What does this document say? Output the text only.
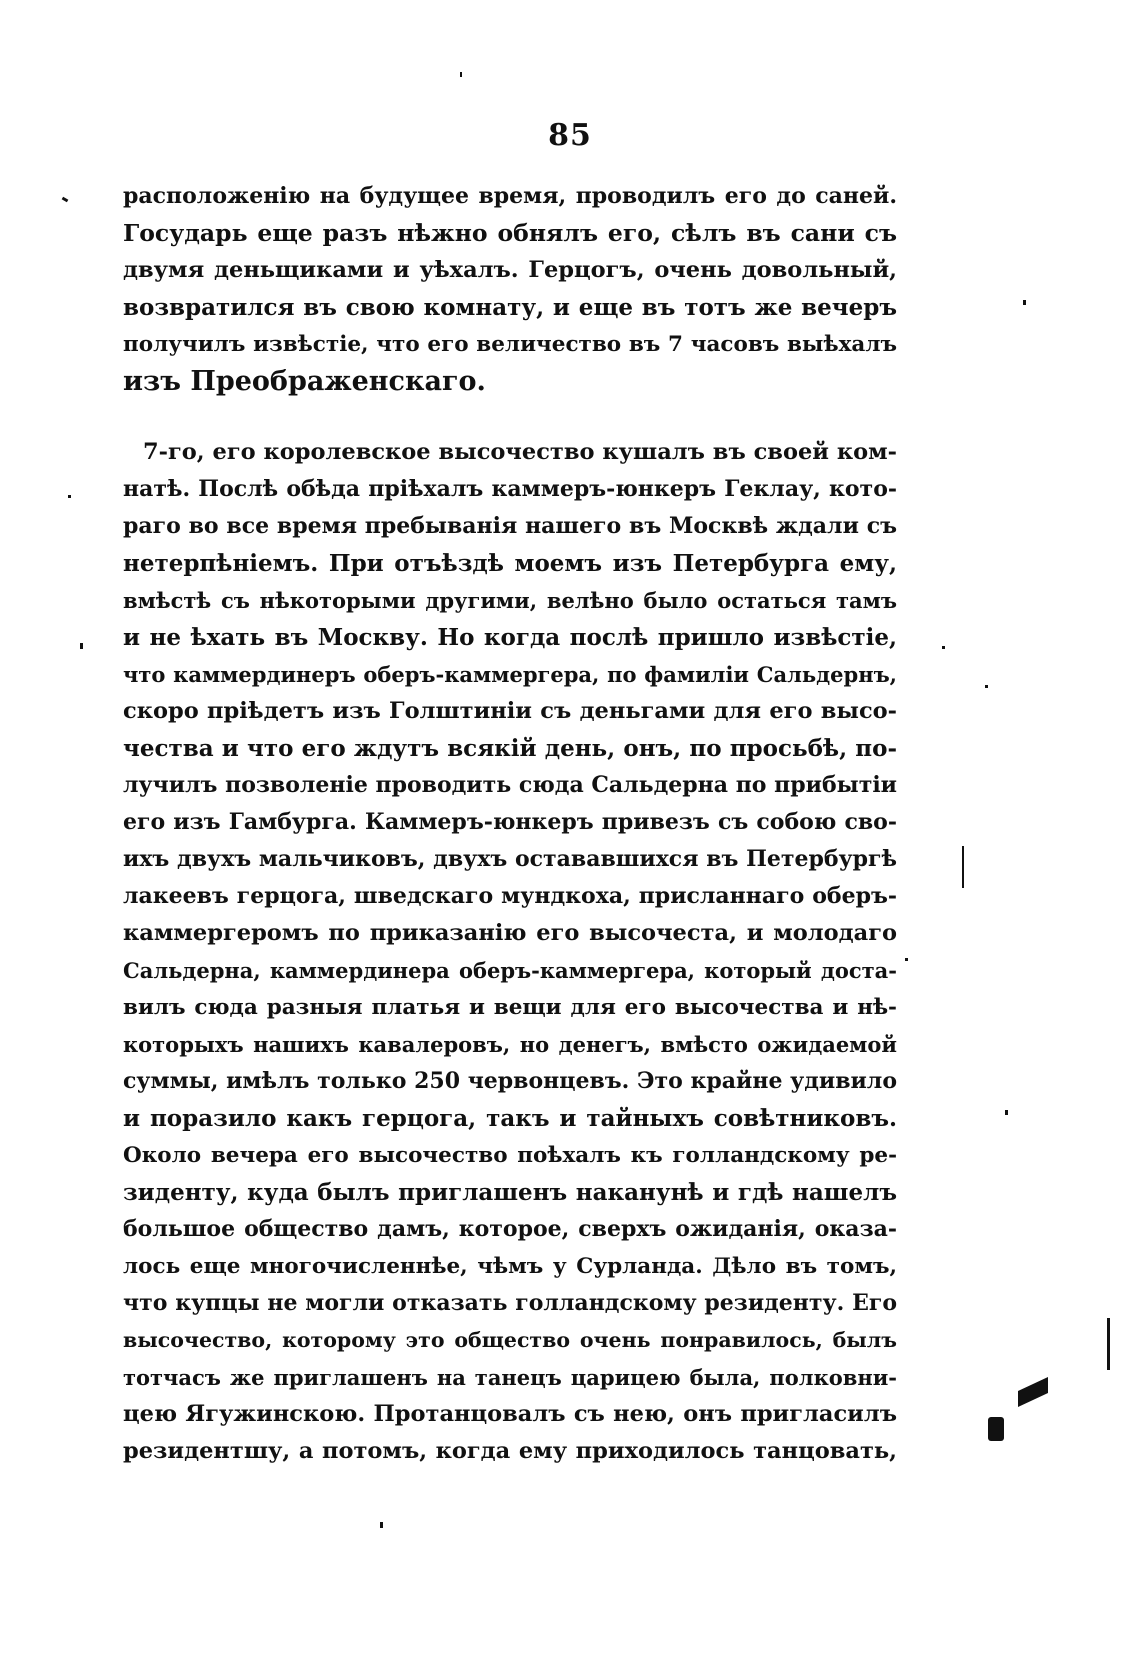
85
расположенію на будущее время, проводилъ его до саней.
Государь еще разъ нѣжно обнялъ его, сѣлъ въ сани съ
двумя деньщиками и уѣхалъ. Герцогъ, очень довольный,
возвратился въ свою комнату, и еще въ тотъ же вечеръ
получилъ извѣстіе, что его величество въ 7 часовъ выѣхалъ
изъ Преображенскаго.
7-го, его королевское высочество кушалъ въ своей ком-
натѣ. Послѣ обѣда пріѣхалъ каммеръ-юнкеръ Геклау, кото-
раго во все время пребыванія нашего въ Москвѣ ждали съ
нетерпѣніемъ. При отъѣздѣ моемъ изъ Петербурга ему,
вмѣстѣ съ нѣкоторыми другими, велѣно было остаться тамъ
и не ѣхать въ Москву. Но когда послѣ пришло извѣстіе,
что каммердинеръ оберъ-каммергера, по фамиліи Сальдернъ,
скоро пріѣдетъ изъ Голштиніи съ деньгами для его высо-
чества и что его ждутъ всякій день, онъ, по просьбѣ, по-
лучилъ позволеніе проводить сюда Сальдерна по прибытіи
его изъ Гамбурга. Каммеръ-юнкеръ привезъ съ собою сво-
ихъ двухъ мальчиковъ, двухъ остававшихся въ Петербургѣ
лакеевъ герцога, шведскаго мундкоха, присланнаго оберъ-
каммергеромъ по приказанію его высочеста, и молодаго
Сальдерна, каммердинера оберъ-каммергера, который доста-
вилъ сюда разныя платья и вещи для его высочества и нѣ-
которыхъ нашихъ кавалеровъ, но денегъ, вмѣсто ожидаемой
суммы, имѣлъ только 250 червонцевъ. Это крайне удивило
и поразило какъ герцога, такъ и тайныхъ совѣтниковъ.
Около вечера его высочество поѣхалъ къ голландскому ре-
зиденту, куда былъ приглашенъ наканунѣ и гдѣ нашелъ
большое общество дамъ, которое, сверхъ ожиданія, оказа-
лось еще многочисленнѣе, чѣмъ у Сурланда. Дѣло въ томъ,
что купцы не могли отказать голландскому резиденту. Его
высочество, которому это общество очень понравилось, былъ
тотчасъ же приглашенъ на танецъ царицею была, полковни-
цею Ягужинскою. Протанцовалъ съ нею, онъ пригласилъ
резидентшу, а потомъ, когда ему приходилось танцовать,
